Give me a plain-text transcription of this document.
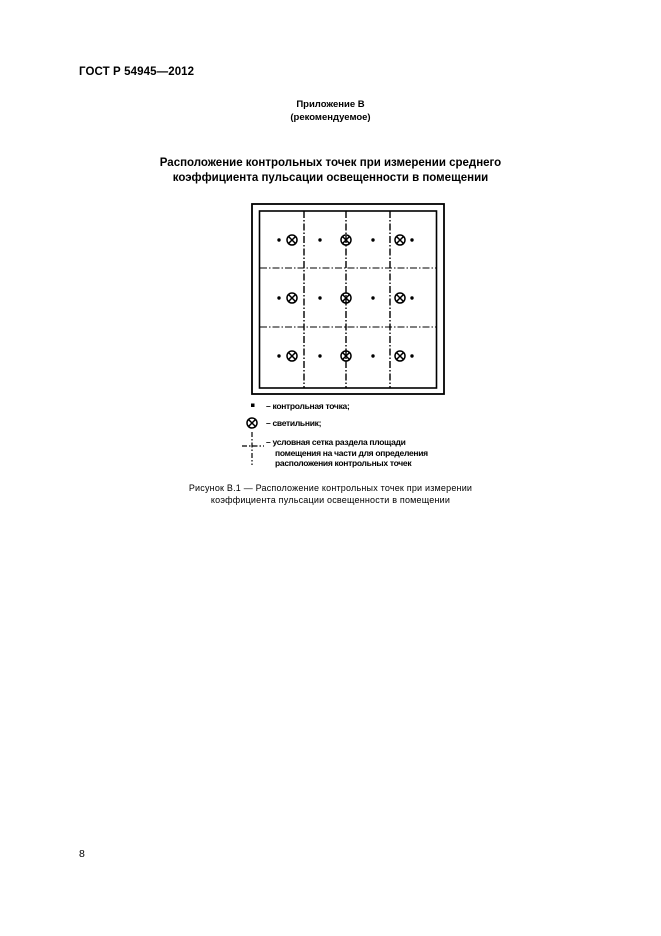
ГОСТ Р 54945—2012
Приложение В
(рекомендуемое)
Расположение контрольных точек при измерении среднего
коэффициента пульсации освещенности в помещении
– контрольная точка;
– светильник;
– условная сетка раздела площади
помещения на части для определения
расположения контрольных точек
Рисунок В.1 — Расположение контрольных точек при измерении
коэффициента пульсации освещенности в помещении
8
